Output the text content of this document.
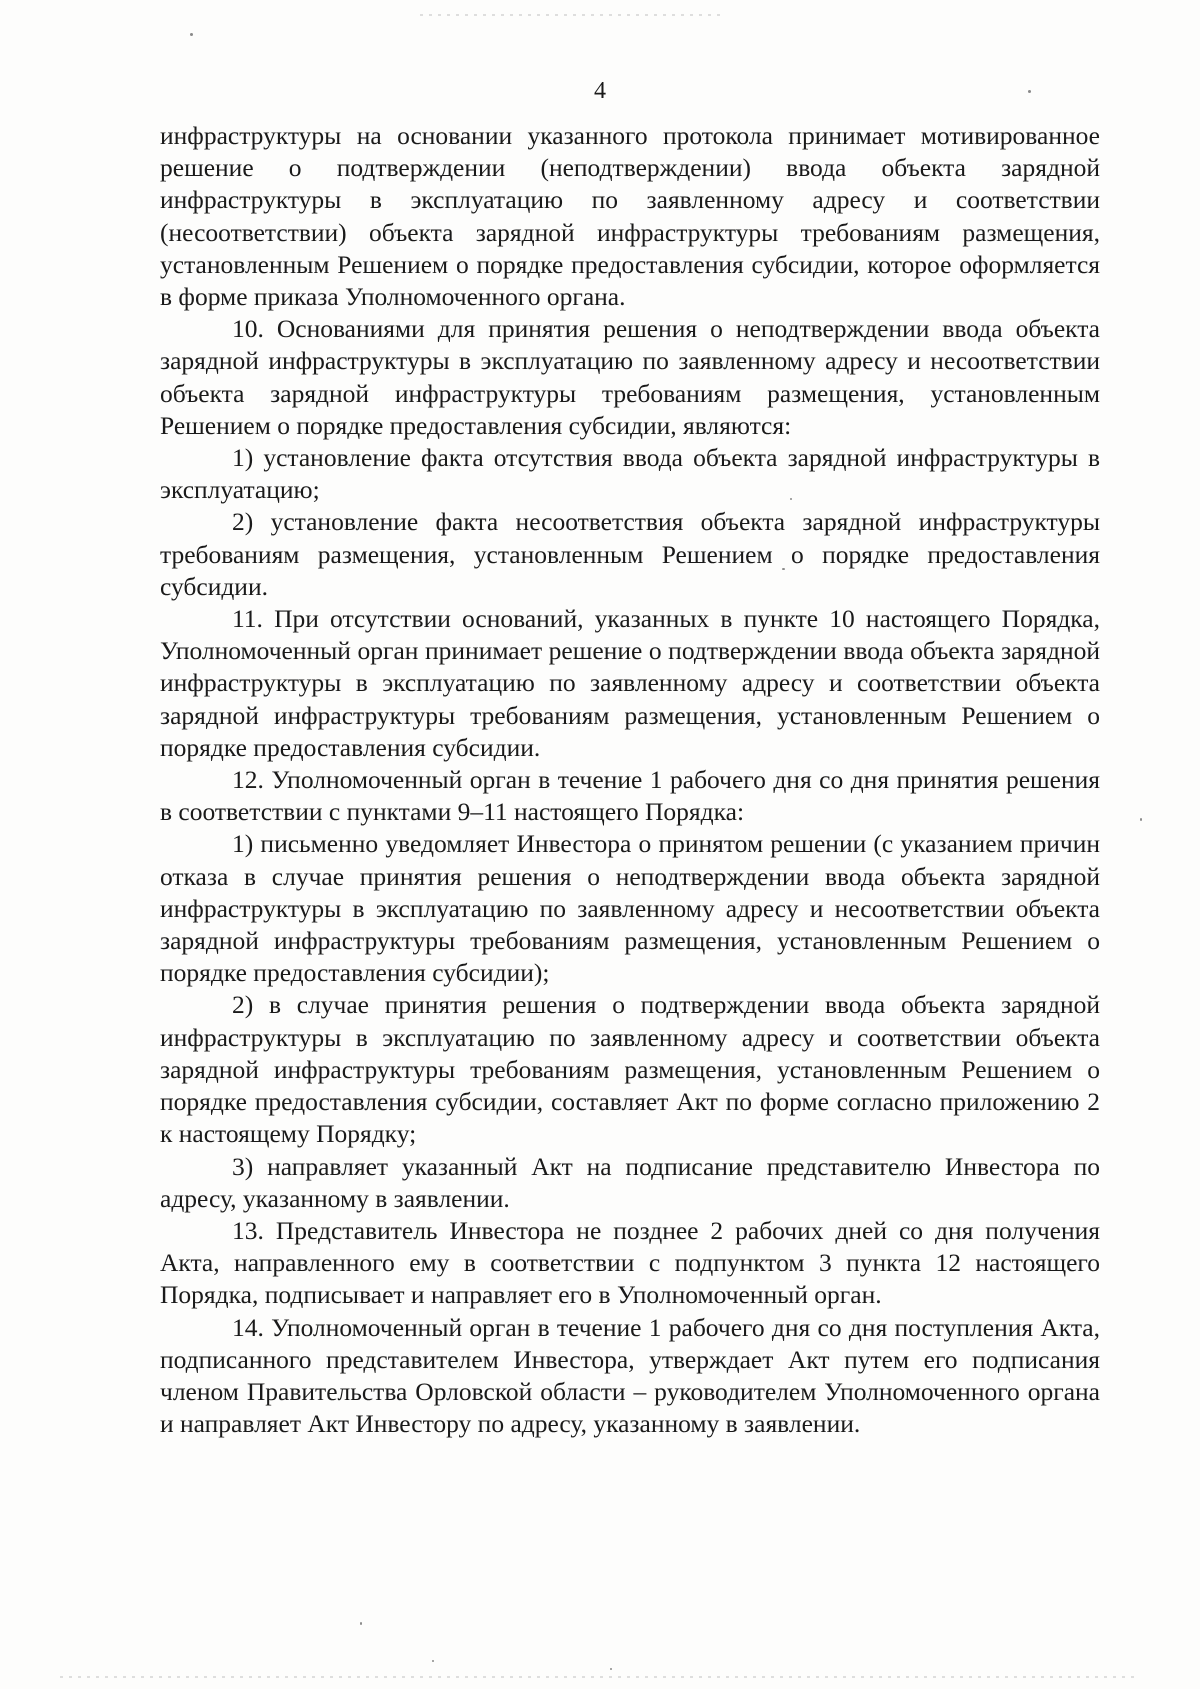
4

инфраструктуры на основании указанного протокола принимает мотивированное решение о подтверждении (неподтверждении) ввода объекта зарядной инфраструктуры в эксплуатацию по заявленному адресу и соответствии (несоответствии) объекта зарядной инфраструктуры требованиям размещения, установленным Решением о порядке предоставления субсидии, которое оформляется в форме приказа Уполномоченного органа.

10. Основаниями для принятия решения о неподтверждении ввода объекта зарядной инфраструктуры в эксплуатацию по заявленному адресу и несоответствии объекта зарядной инфраструктуры требованиям размещения, установленным Решением о порядке предоставления субсидии, являются:

1) установление факта отсутствия ввода объекта зарядной инфраструктуры в эксплуатацию;

2) установление факта несоответствия объекта зарядной инфраструктуры требованиям размещения, установленным Решением о порядке предоставления субсидии.

11. При отсутствии оснований, указанных в пункте 10 настоящего Порядка, Уполномоченный орган принимает решение о подтверждении ввода объекта зарядной инфраструктуры в эксплуатацию по заявленному адресу и соответствии объекта зарядной инфраструктуры требованиям размещения, установленным Решением о порядке предоставления субсидии.

12. Уполномоченный орган в течение 1 рабочего дня со дня принятия решения в соответствии с пунктами 9–11 настоящего Порядка:

1) письменно уведомляет Инвестора о принятом решении (с указанием причин отказа в случае принятия решения о неподтверждении ввода объекта зарядной инфраструктуры в эксплуатацию по заявленному адресу и несоответствии объекта зарядной инфраструктуры требованиям размещения, установленным Решением о порядке предоставления субсидии);

2) в случае принятия решения о подтверждении ввода объекта зарядной инфраструктуры в эксплуатацию по заявленному адресу и соответствии объекта зарядной инфраструктуры требованиям размещения, установленным Решением о порядке предоставления субсидии, составляет Акт по форме согласно приложению 2 к настоящему Порядку;

3) направляет указанный Акт на подписание представителю Инвестора по адресу, указанному в заявлении.

13. Представитель Инвестора не позднее 2 рабочих дней со дня получения Акта, направленного ему в соответствии с подпунктом 3 пункта 12 настоящего Порядка, подписывает и направляет его в Уполномоченный орган.

14. Уполномоченный орган в течение 1 рабочего дня со дня поступления Акта, подписанного представителем Инвестора, утверждает Акт путем его подписания членом Правительства Орловской области – руководителем Уполномоченного органа и направляет Акт Инвестору по адресу, указанному в заявлении.
